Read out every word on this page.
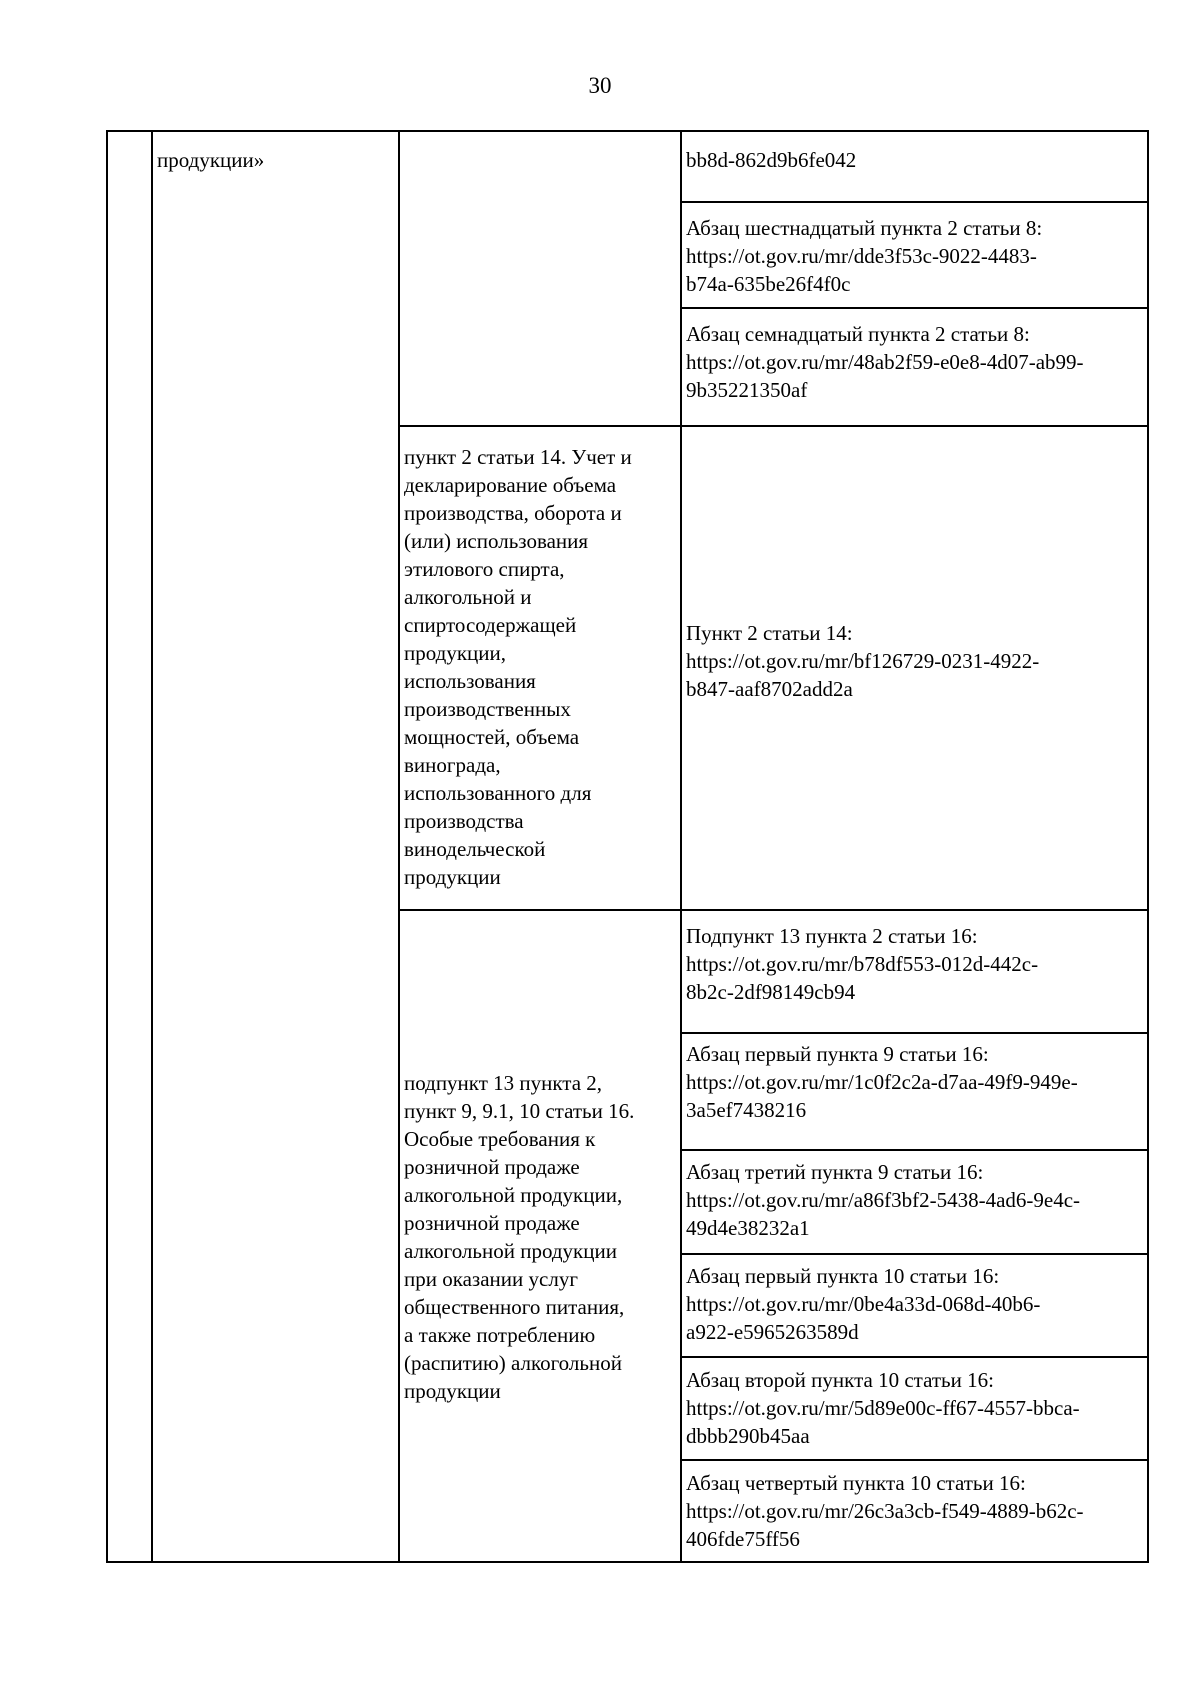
30
продукции»	bb8d-862d9b6fe042
Абзац шестнадцатый пункта 2 статьи 8:
https://ot.gov.ru/mr/dde3f53c-9022-4483-
b74a-635be26f4f0c
Абзац семнадцатый пункта 2 статьи 8:
https://ot.gov.ru/mr/48ab2f59-e0e8-4d07-ab99-
9b35221350af
пункт 2 статьи 14. Учет и
декларирование объема
производства, оборота и
(или) использования
этилового спирта,
алкогольной и
спиртосодержащей
продукции,
использования
производственных
мощностей, объема
винограда,
использованного для
производства
винодельческой
продукции
Пункт 2 статьи 14:
https://ot.gov.ru/mr/bf126729-0231-4922-
b847-aaf8702add2a
подпункт 13 пункта 2,
пункт 9, 9.1, 10 статьи 16.
Особые требования к
розничной продаже
алкогольной продукции,
розничной продаже
алкогольной продукции
при оказании услуг
общественного питания,
а также потреблению
(распитию) алкогольной
продукции
Подпункт 13 пункта 2 статьи 16:
https://ot.gov.ru/mr/b78df553-012d-442c-
8b2c-2df98149cb94
Абзац первый пункта 9 статьи 16:
https://ot.gov.ru/mr/1c0f2c2a-d7aa-49f9-949e-
3a5ef7438216
Абзац третий пункта 9 статьи 16:
https://ot.gov.ru/mr/a86f3bf2-5438-4ad6-9e4c-
49d4e38232a1
Абзац первый пункта 10 статьи 16:
https://ot.gov.ru/mr/0be4a33d-068d-40b6-
a922-e5965263589d
Абзац второй пункта 10 статьи 16:
https://ot.gov.ru/mr/5d89e00c-ff67-4557-bbca-
dbbb290b45aa
Абзац четвертый пункта 10 статьи 16:
https://ot.gov.ru/mr/26c3a3cb-f549-4889-b62c-
406fde75ff56
